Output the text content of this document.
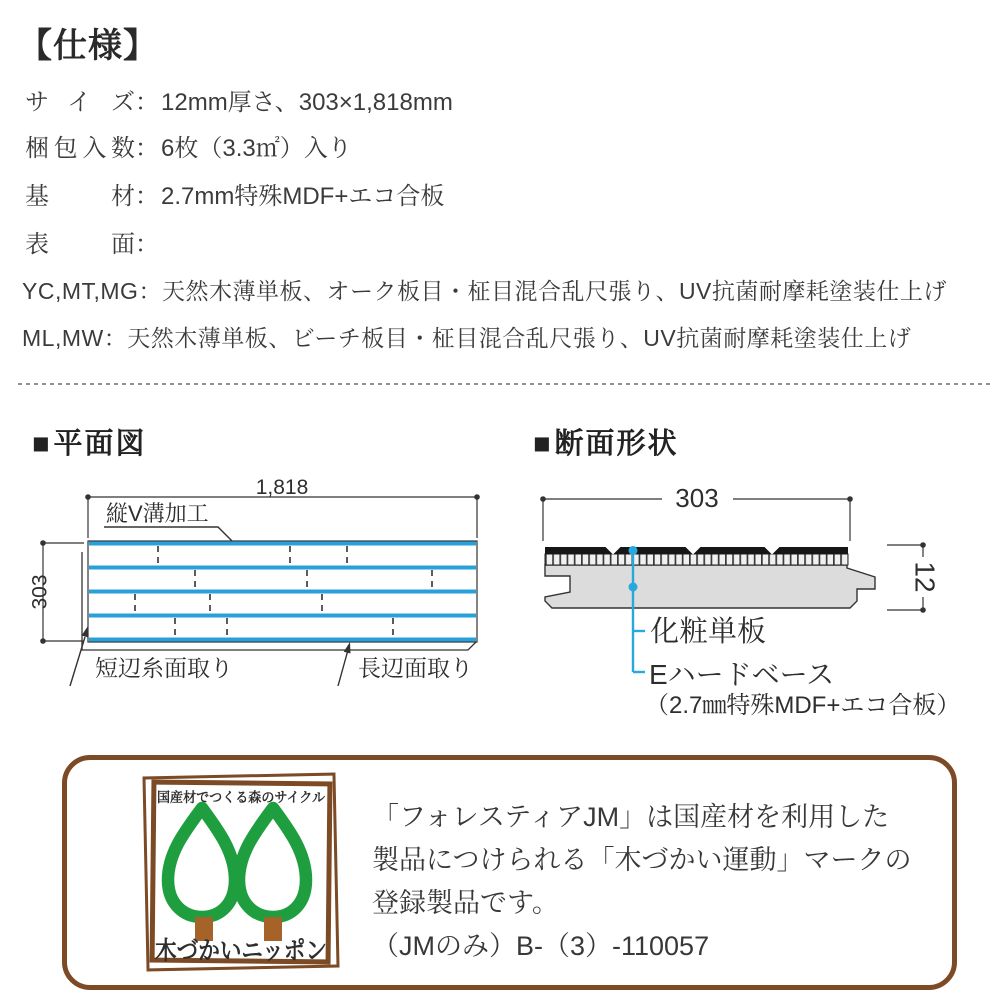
【仕様】
サイズ：12mm厚さ、303×1,818mm
梱包入数：6枚（3.3㎡）入り
基材：2.7mm特殊MDF+エコ合板
表面：
YC,MT,MG：天然木薄単板、オーク板目・柾目混合乱尺張り、UV抗菌耐摩耗塗装仕上げ
ML,MW：天然木薄単板、ビーチ板目・柾目混合乱尺張り、UV抗菌耐摩耗塗装仕上げ
■平面図	■断面形状
1,818
縦V溝加工
303
短辺糸面取り	長辺面取り
303
12
化粧単板
Eハードベース
（2.7㎜特殊MDF+エコ合板）
国産材でつくる森のサイクル
木づかいニッポン
「フォレスティアJM」は国産材を利用した
製品につけられる「木づかい運動」マークの
登録製品です。
（JMのみ）B-（3）-110057
